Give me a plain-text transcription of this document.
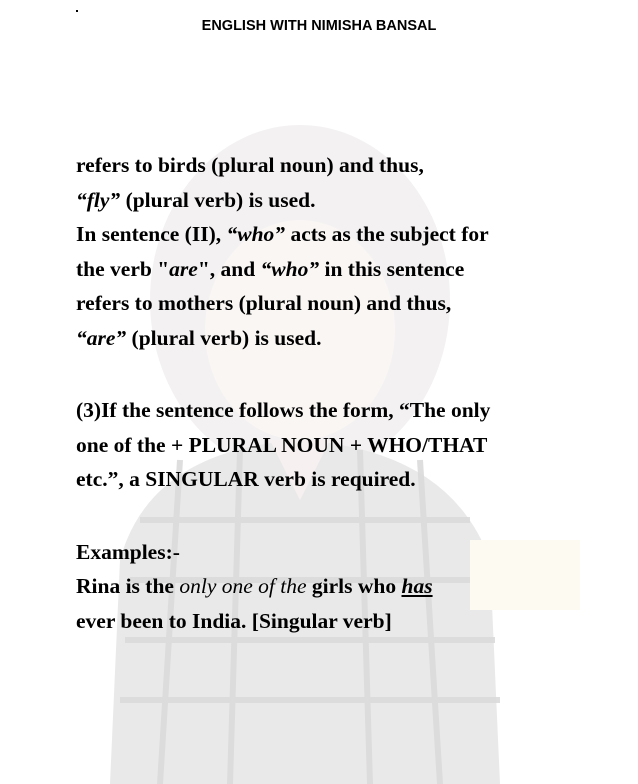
ENGLISH WITH NIMISHA BANSAL
refers to birds (plural noun) and thus,
“fly” (plural verb) is used.
In sentence (II), “who” acts as the subject for
the verb "are", and “who” in this sentence
refers to mothers (plural noun) and thus,
“are” (plural verb) is used.
(3)If the sentence follows the form, “The only
one of the + PLURAL NOUN + WHO/THAT
etc.”, a SINGULAR verb is required.
Examples:-
Rina is the only one of the girls who has
ever been to India. [Singular verb]
